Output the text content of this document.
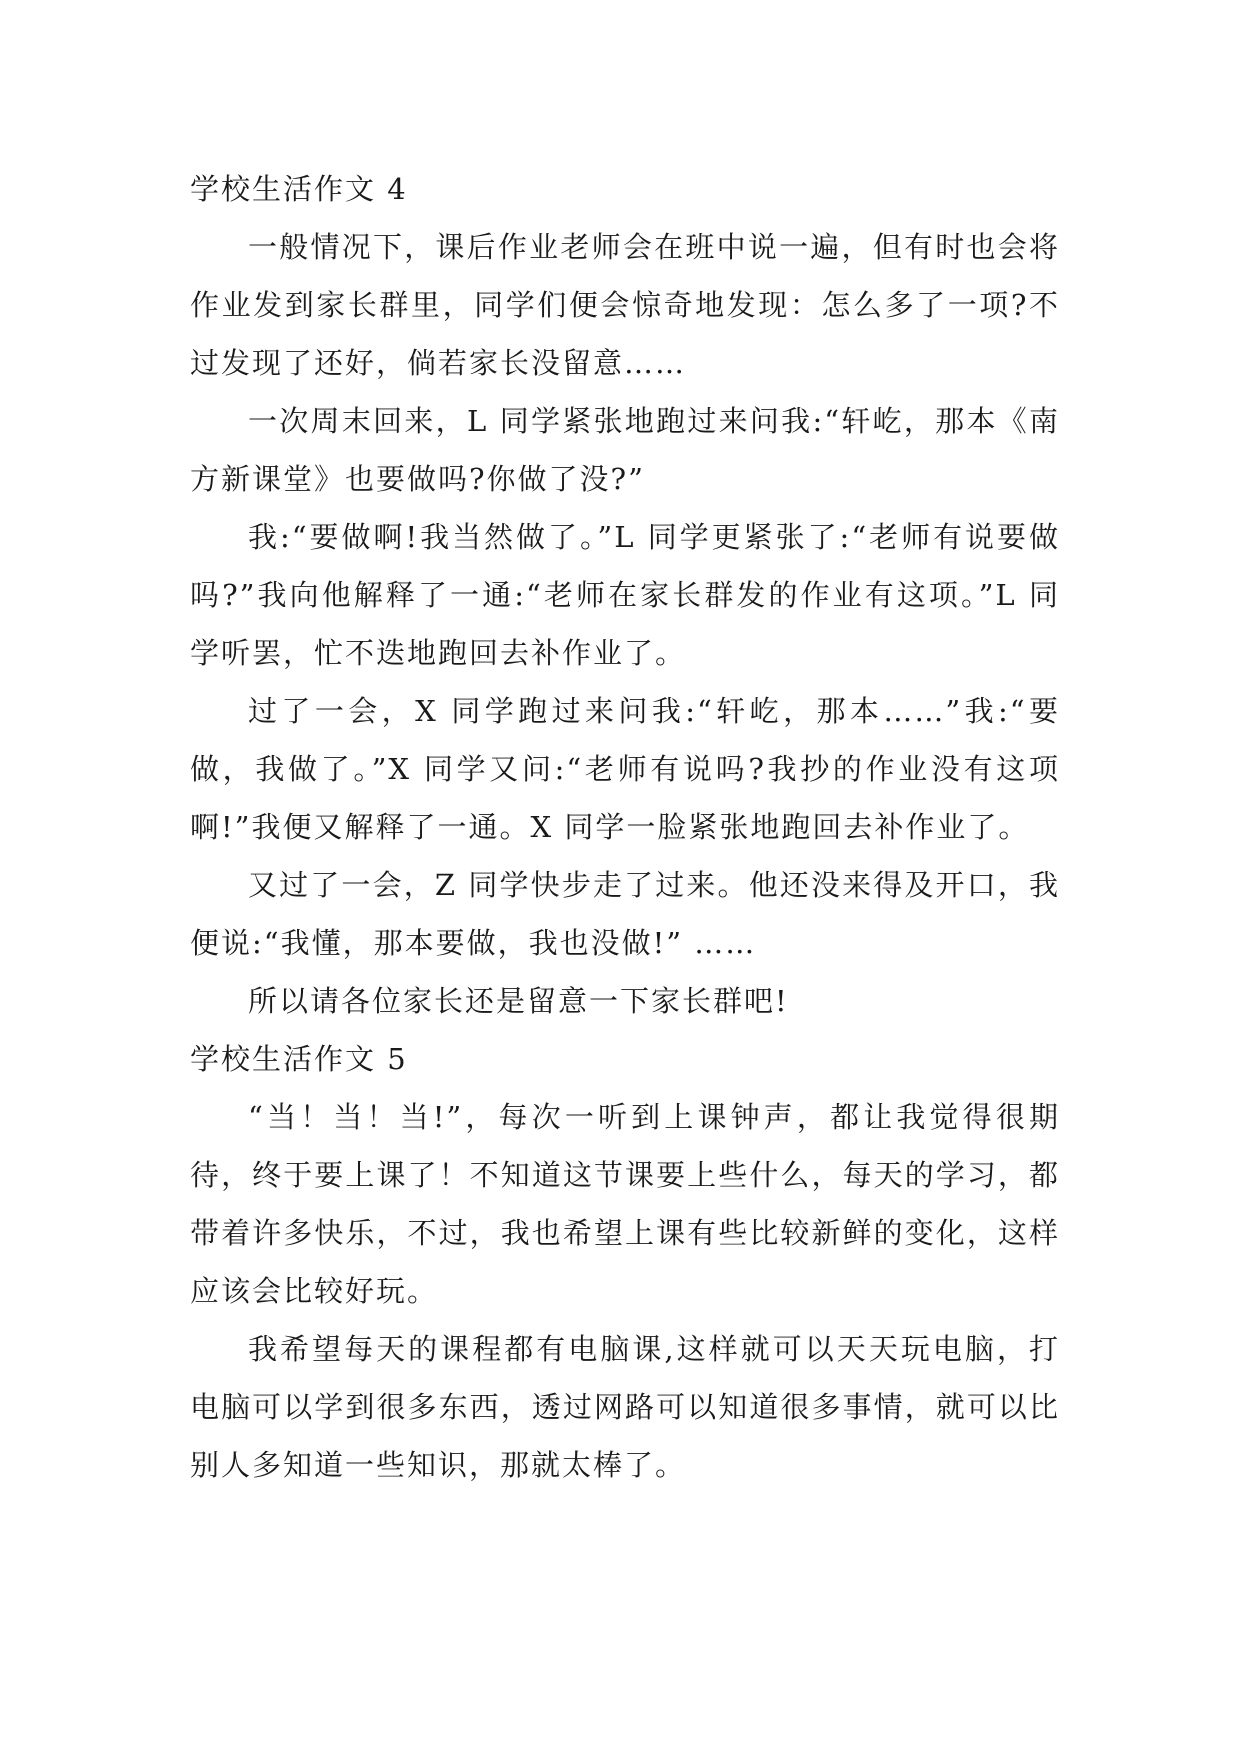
学校生活作文 4

一般情况下，课后作业老师会在班中说一遍，但有时也会将作业发到家长群里，同学们便会惊奇地发现：怎么多了一项?不过发现了还好，倘若家长没留意……

一次周末回来，L 同学紧张地跑过来问我:“轩屹，那本《南方新课堂》也要做吗?你做了没?”

我:“要做啊!我当然做了。”L 同学更紧张了:“老师有说要做吗?”我向他解释了一通:“老师在家长群发的作业有这项。”L 同学听罢，忙不迭地跑回去补作业了。

过了一会，X 同学跑过来问我:“轩屹，那本……”我:“要做，我做了。”X 同学又问:“老师有说吗?我抄的作业没有这项啊!”我便又解释了一通。X 同学一脸紧张地跑回去补作业了。

又过了一会，Z 同学快步走了过来。他还没来得及开口，我便说:“我懂，那本要做，我也没做!” ……

所以请各位家长还是留意一下家长群吧!

学校生活作文 5

“当！当！当!”，每次一听到上课钟声，都让我觉得很期待，终于要上课了！不知道这节课要上些什么，每天的学习，都带着许多快乐，不过，我也希望上课有些比较新鲜的变化，这样应该会比较好玩。

我希望每天的课程都有电脑课,这样就可以天天玩电脑，打电脑可以学到很多东西，透过网路可以知道很多事情，就可以比别人多知道一些知识，那就太棒了。
